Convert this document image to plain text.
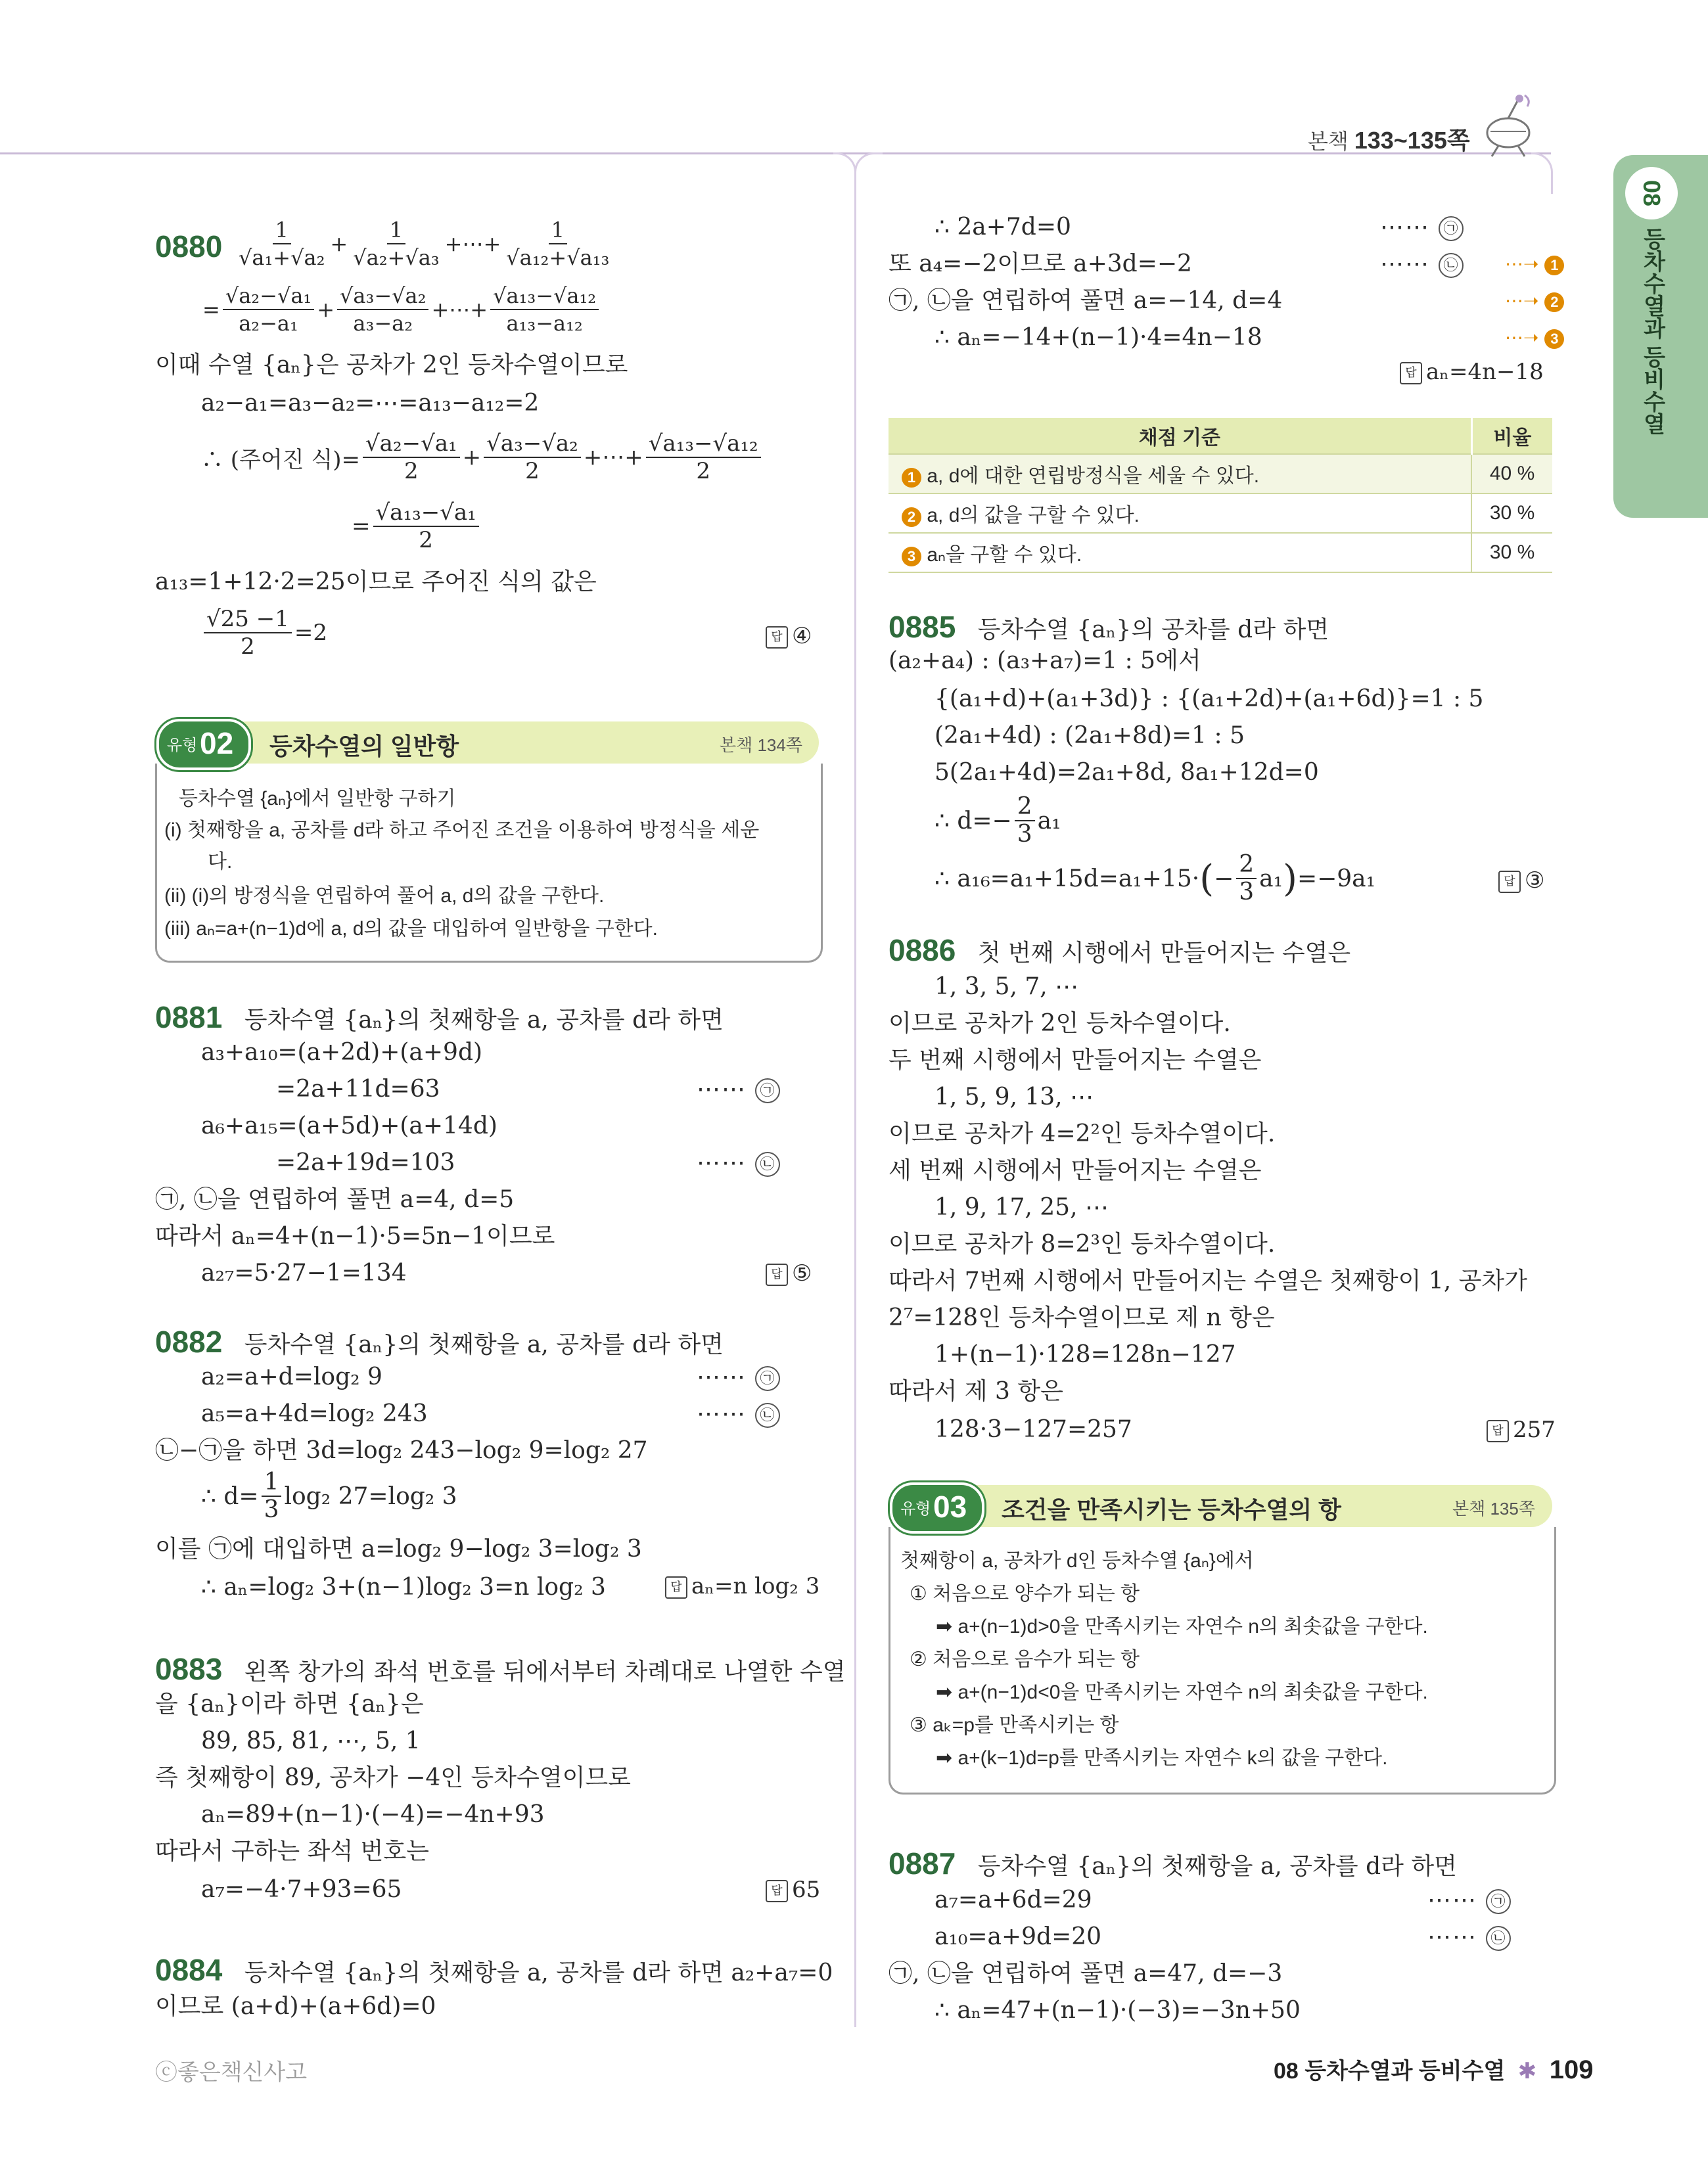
본책 133~135쪽
08
등차수열과 등비수열
$0880 \frac{1}{\text{√a₁+√a₂}} + \frac{1}{\text{√a₂+√a₃}}$ +⋯+ $\frac{1}{\text{√a₁₂+√a₁₃}}$
= $\frac{\text{√a₂−√a₁}}{\text{a₂−a₁}} + \frac{\text{√a₃−√a₂}}{\text{a₃−a₂}}$ +⋯+ $\frac{\text{√a₁₃−√a₁₂}}{\text{a₁₃−a₁₂}}$
이때 수열 {aₙ}은 공차가 2인 등차수열이므로
a₂−a₁=a₃−a₂=⋯=a₁₃−a₁₂=2
∴ (주어진 식)= $\frac{\text{√a₂−√a₁}}{2} + \frac{\text{√a₃−√a₂}}{2}$ +⋯+ $\frac{\text{√a₁₃−√a₁₂}}{2}$
= $\frac{\text{√a₁₃−√a₁}}{2}$
a₁₃=1+12·2=25이므로 주어진 식의 값은
$\frac{√25 -1}{2} =2$	답 ④
유형 02 등차수열의 일반항	본책 134쪽
등차수열 {aₙ}에서 일반항 구하기
(i) 첫째항을 a, 공차를 d라 하고 주어진 조건을 이용하여 방정식을 세운
다.
(ii) (i)의 방정식을 연립하여 풀어 a, d의 값을 구한다.
(iii) aₙ=a+(n−1)d에 a, d의 값을 대입하여 일반항을 구한다.
0881 등차수열 {aₙ}의 첫째항을 a, 공차를 d라 하면
a₃+a₁₀=(a+2d)+(a+9d)
=2a+11d=63	⋯⋯ ㉠
a₆+a₁₅=(a+5d)+(a+14d)
=2a+19d=103	⋯⋯ ㉡
㉠, ㉡을 연립하여 풀면 a=4, d=5
따라서 aₙ=4+(n−1)·5=5n−1이므로
a₂₇=5·27−1=134	답 ⑤
0882 등차수열 {aₙ}의 첫째항을 a, 공차를 d라 하면
a₂=a+d=log₂ 9	⋯⋯ ㉠
a₅=a+4d=log₂ 243	⋯⋯ ㉡
㉡−㉠을 하면 3d=log₂ 243−log₂ 9=log₂ 27
∴ $d= \frac{1}{3} \log_2$ 27=log₂ 3
이를 ㉠에 대입하면 a=log₂ 9−log₂ 3=log₂ 3
∴ aₙ=log₂ 3+(n−1)log₂ 3=n log₂ 3	답 aₙ=n log₂ 3
0883 왼쪽 창가의 좌석 번호를 뒤에서부터 차례대로 나열한 수열
을 {aₙ}이라 하면 {aₙ}은
89, 85, 81, ⋯, 5, 1
즉 첫째항이 89, 공차가 −4인 등차수열이므로
aₙ=89+(n−1)·(−4)=−4n+93
따라서 구하는 좌석 번호는
a₇=−4·7+93=65	답 65
0884 등차수열 {aₙ}의 첫째항을 a, 공차를 d라 하면 a₂+a₇=0
이므로 (a+d)+(a+6d)=0
∴ 2a+7d=0	⋯⋯ ㉠
또 a₄=−2이므로 a+3d=−2	⋯⋯ ㉡ ⋯➝ 1
㉠, ㉡을 연립하여 풀면 a=−14, d=4	⋯➝ 2
∴ aₙ=−14+(n−1)·4=4n−18	⋯➝ 3
답 aₙ=4n−18
채점 기준	비율
1 a, d에 대한 연립방정식을 세울 수 있다.	40 %
2 a, d의 값을 구할 수 있다.	30 %
3 aₙ을 구할 수 있다.	30 %
0885 등차수열 {aₙ}의 공차를 d라 하면
(a₂+a₄) : (a₃+a₇)=1 : 5에서
{(a₁+d)+(a₁+3d)} : {(a₁+2d)+(a₁+6d)}=1 : 5
(2a₁+4d) : (2a₁+8d)=1 : 5
5(2a₁+4d)=2a₁+8d, 8a₁+12d=0
∴ $d=- \frac{2}{3} a_1$
∴ a₁₆=a₁+15d=a₁+15· ( − $\frac{2}{3} a_1$ ) =−9a₁	답 ③
0886 첫 번째 시행에서 만들어지는 수열은
1, 3, 5, 7, ⋯
이므로 공차가 2인 등차수열이다.
두 번째 시행에서 만들어지는 수열은
1, 5, 9, 13, ⋯
이므로 공차가 4=2²인 등차수열이다.
세 번째 시행에서 만들어지는 수열은
1, 9, 17, 25, ⋯
이므로 공차가 8=2³인 등차수열이다.
따라서 7번째 시행에서 만들어지는 수열은 첫째항이 1, 공차가
2⁷=128인 등차수열이므로 제 n 항은
1+(n−1)·128=128n−127
따라서 제 3 항은
128·3−127=257	답 257
유형 03 조건을 만족시키는 등차수열의 항	본책 135쪽
첫째항이 a, 공차가 d인 등차수열 {aₙ}에서
① 처음으로 양수가 되는 항
➡ a+(n−1)d>0을 만족시키는 자연수 n의 최솟값을 구한다.
② 처음으로 음수가 되는 항
➡ a+(n−1)d<0을 만족시키는 자연수 n의 최솟값을 구한다.
③ aₖ=p를 만족시키는 항
➡ a+(k−1)d=p를 만족시키는 자연수 k의 값을 구한다.
0887 등차수열 {aₙ}의 첫째항을 a, 공차를 d라 하면
a₇=a+6d=29	⋯⋯ ㉠
a₁₀=a+9d=20	⋯⋯ ㉡
㉠, ㉡을 연립하여 풀면 a=47, d=−3
∴ aₙ=47+(n−1)·(−3)=−3n+50
ⓒ좋은책신사고	08 등차수열과 등비수열 ✱ 109
